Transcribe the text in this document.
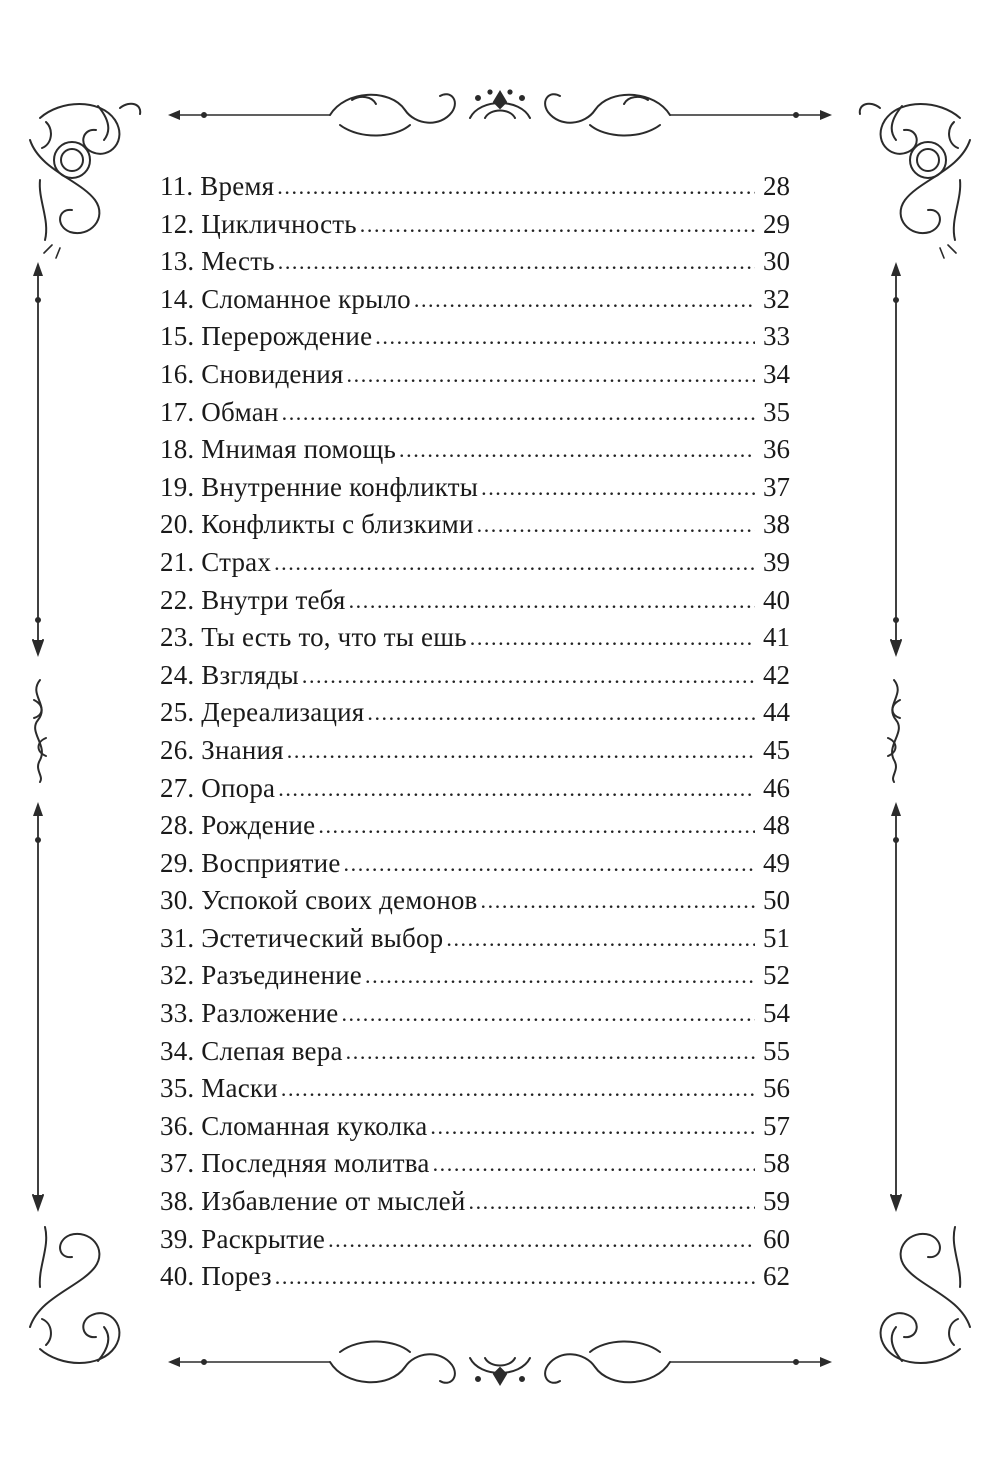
11. Время .....	28
12. Цикличность .....	29
13. Месть .....	30
14. Сломанное крыло .....	32
15. Перерождение .....	33
16. Сновидения .....	34
17. Обман .....	35
18. Мнимая помощь .....	36
19. Внутренние конфликты .....	37
20. Конфликты с близкими .....	38
21. Страх .....	39
22. Внутри тебя .....	40
23. Ты есть то, что ты ешь .....	41
24. Взгляды .....	42
25. Дереализация .....	44
26. Знания .....	45
27. Опора .....	46
28. Рождение .....	48
29. Восприятие .....	49
30. Успокой своих демонов .....	50
31. Эстетический выбор .....	51
32. Разъединение .....	52
33. Разложение .....	54
34. Слепая вера .....	55
35. Маски .....	56
36. Сломанная куколка .....	57
37. Последняя молитва .....	58
38. Избавление от мыслей .....	59
39. Раскрытие .....	60
40. Порез .....	62
